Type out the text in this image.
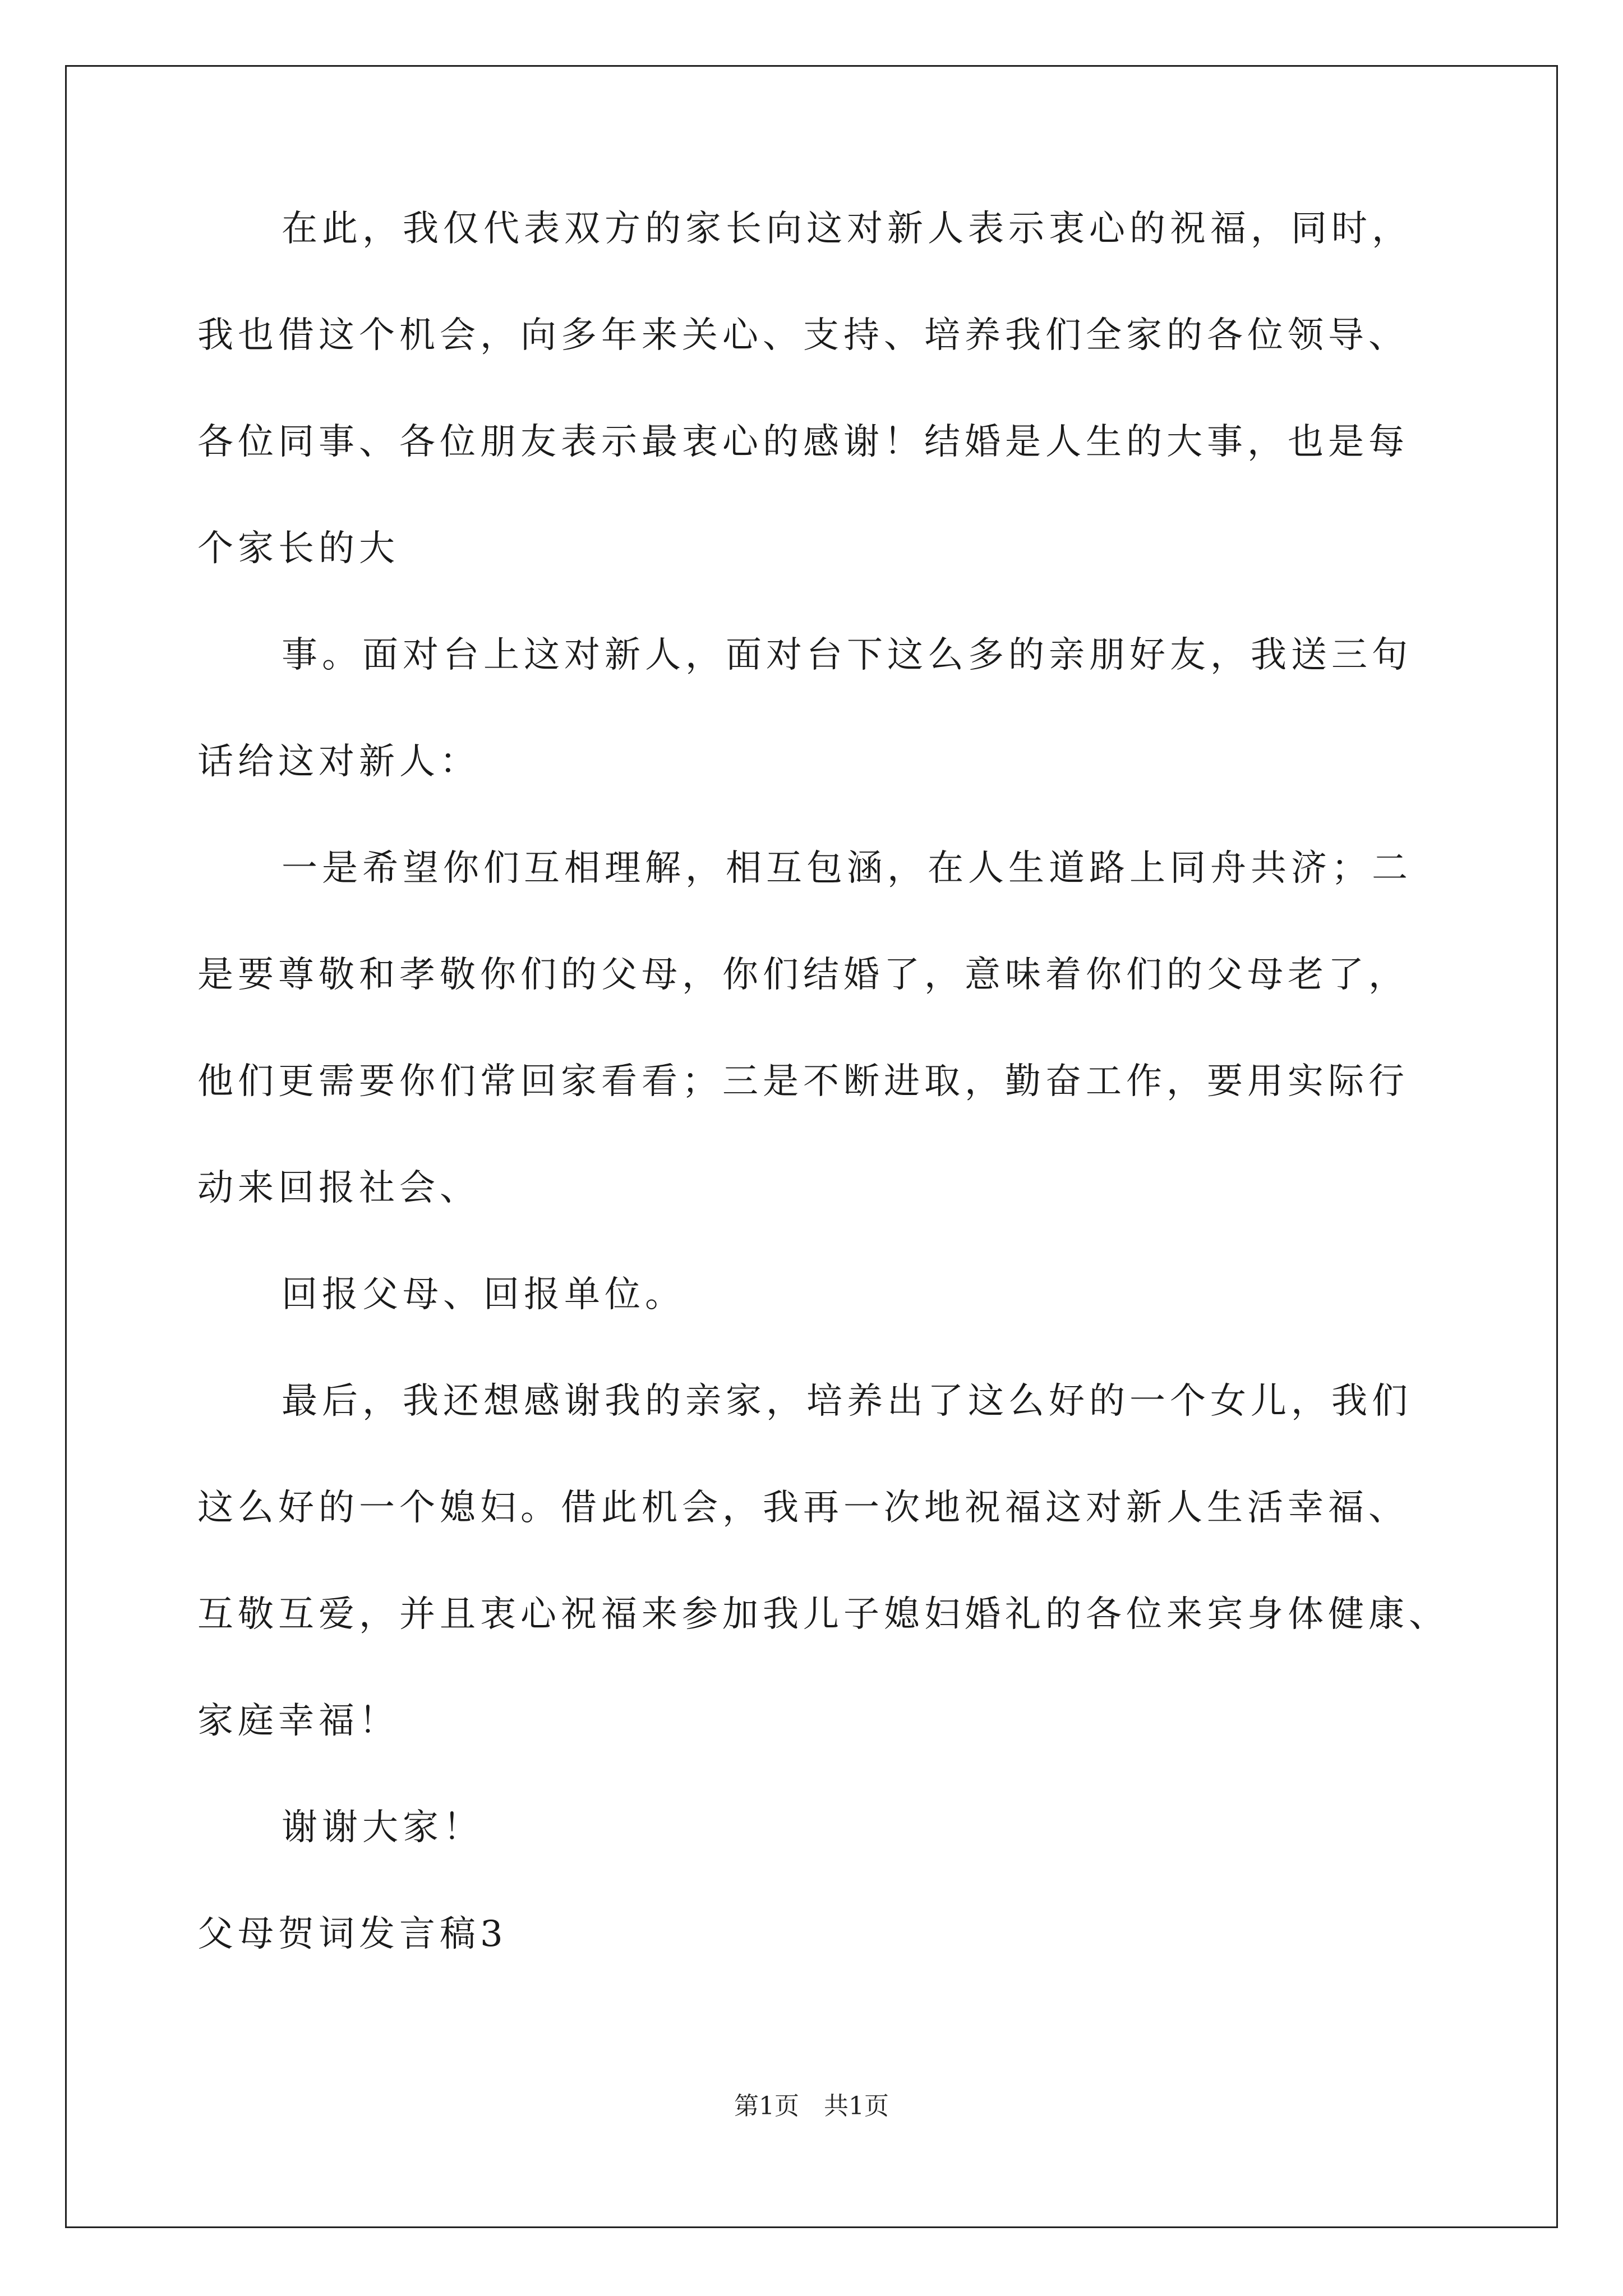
在此，我仅代表双方的家长向这对新人表示衷心的祝福，同时，
我也借这个机会，向多年来关心、支持、培养我们全家的各位领导、
各位同事、各位朋友表示最衷心的感谢！结婚是人生的大事，也是每
个家长的大
事。面对台上这对新人，面对台下这么多的亲朋好友，我送三句
话给这对新人：
一是希望你们互相理解，相互包涵，在人生道路上同舟共济；二
是要尊敬和孝敬你们的父母，你们结婚了，意味着你们的父母老了，
他们更需要你们常回家看看；三是不断进取，勤奋工作，要用实际行
动来回报社会、
回报父母、回报单位。
最后，我还想感谢我的亲家，培养出了这么好的一个女儿，我们
这么好的一个媳妇。借此机会，我再一次地祝福这对新人生活幸福、
互敬互爱，并且衷心祝福来参加我儿子媳妇婚礼的各位来宾身体健康、
家庭幸福！
谢谢大家！
父母贺词发言稿3
第1页　共1页
